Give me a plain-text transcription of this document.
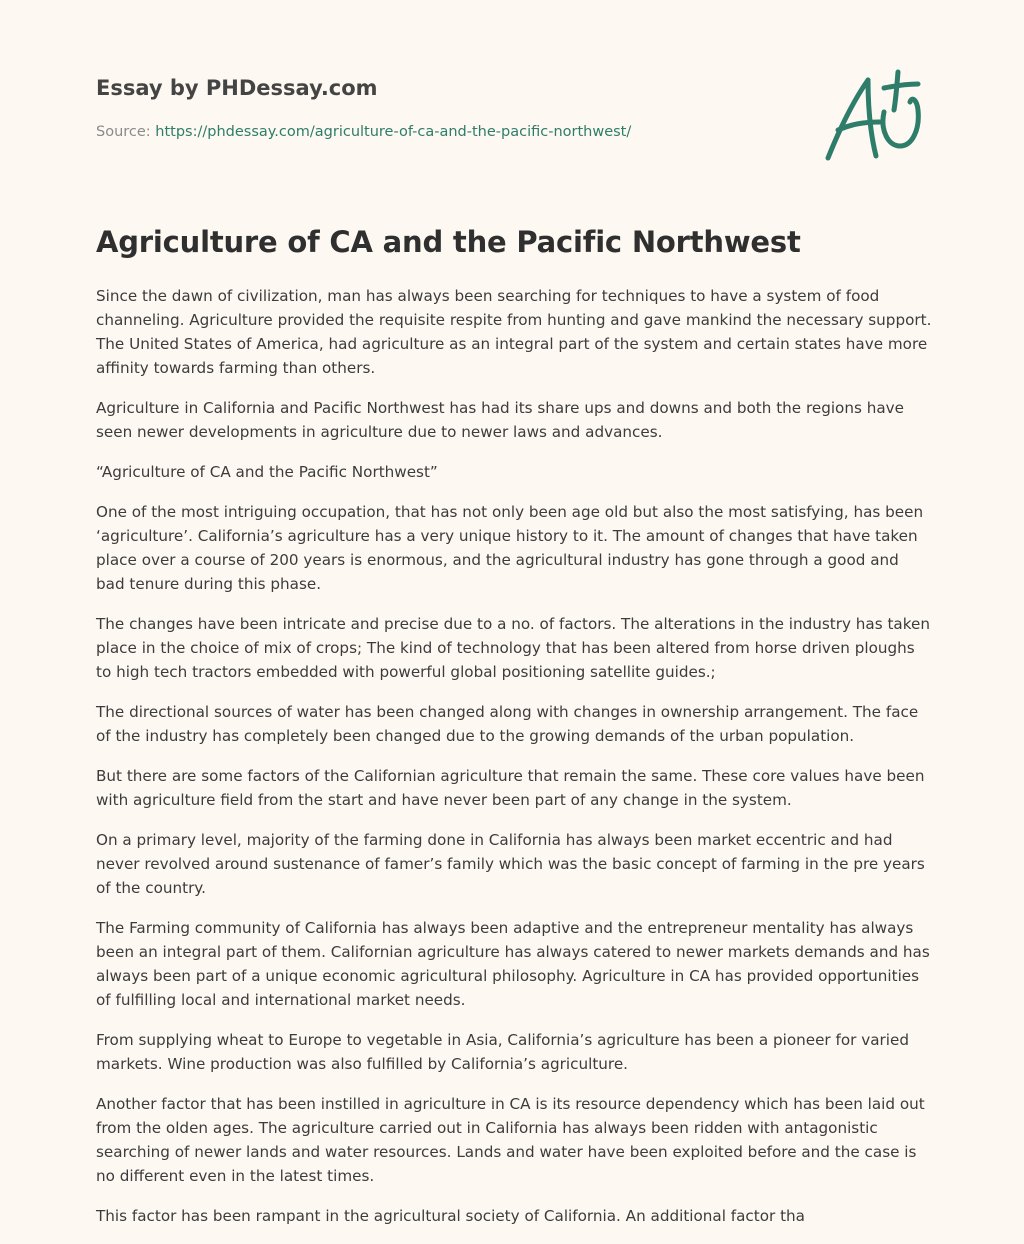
Essay by PHDessay.com
Source: https://phdessay.com/agriculture-of-ca-and-the-pacific-northwest/
Agriculture of CA and the Pacific Northwest

Since the dawn of civilization, man has always been searching for techniques to have a system of food channeling. Agriculture provided the requisite respite from hunting and gave mankind the necessary support. The United States of America, had agriculture as an integral part of the system and certain states have more affinity towards farming than others.

Agriculture in California and Pacific Northwest has had its share ups and downs and both the regions have seen newer developments in agriculture due to newer laws and advances.

“Agriculture of CA and the Pacific Northwest”

One of the most intriguing occupation, that has not only been age old but also the most satisfying, has been ‘agriculture’. California’s agriculture has a very unique history to it. The amount of changes that have taken place over a course of 200 years is enormous, and the agricultural industry has gone through a good and bad tenure during this phase.

The changes have been intricate and precise due to a no. of factors. The alterations in the industry has taken place in the choice of mix of crops; The kind of technology that has been altered from horse driven ploughs to high tech tractors embedded with powerful global positioning satellite guides.;

The directional sources of water has been changed along with changes in ownership arrangement. The face of the industry has completely been changed due to the growing demands of the urban population.

But there are some factors of the Californian agriculture that remain the same. These core values have been with agriculture field from the start and have never been part of any change in the system.

On a primary level, majority of the farming done in California has always been market eccentric and had never revolved around sustenance of famer’s family which was the basic concept of farming in the pre years of the country.

The Farming community of California has always been adaptive and the entrepreneur mentality has always been an integral part of them. Californian agriculture has always catered to newer markets demands and has always been part of a unique economic agricultural philosophy. Agriculture in CA has provided opportunities of fulfilling local and international market needs.

From supplying wheat to Europe to vegetable in Asia, California’s agriculture has been a pioneer for varied markets. Wine production was also fulfilled by California’s agriculture.

Another factor that has been instilled in agriculture in CA is its resource dependency which has been laid out from the olden ages. The agriculture carried out in California has always been ridden with antagonistic searching of newer lands and water resources. Lands and water have been exploited before and the case is no different even in the latest times.

This factor has been rampant in the agricultural society of California. An additional factor tha
